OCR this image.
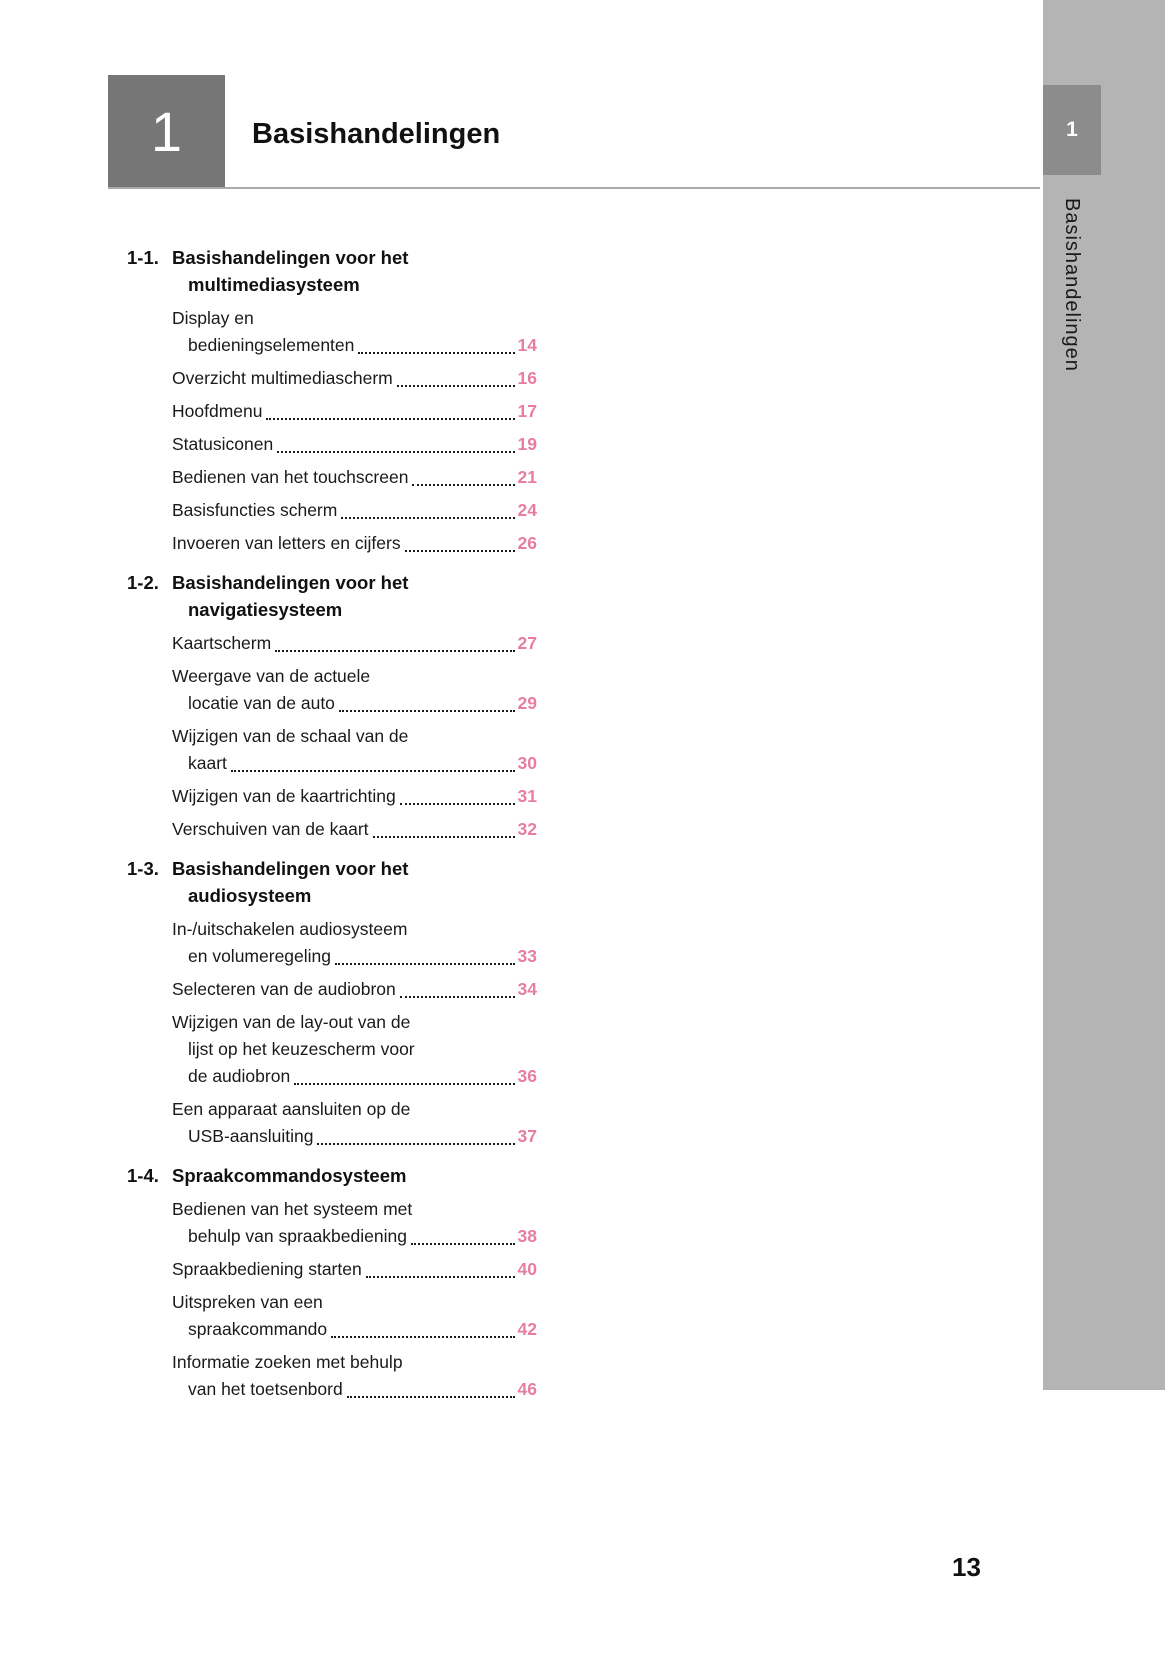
1 Basishandelingen	1
Basishandelingen
1-1. Basishandelingen voor het
multimediasysteem
Display en
bedieningselementen	14
Overzicht multimediascherm	16
Hoofdmenu	17
Statusiconen	19
Bedienen van het touchscreen	21
Basisfuncties scherm	24
Invoeren van letters en cijfers	26
1-2. Basishandelingen voor het
navigatiesysteem
Kaartscherm	27
Weergave van de actuele
locatie van de auto	29
Wijzigen van de schaal van de
kaart	30
Wijzigen van de kaartrichting	31
Verschuiven van de kaart	32
1-3. Basishandelingen voor het
audiosysteem
In-/uitschakelen audiosysteem
en volumeregeling	33
Selecteren van de audiobron	34
Wijzigen van de lay-out van de
lijst op het keuzescherm voor
de audiobron	36
Een apparaat aansluiten op de
USB-aansluiting	37
1-4. Spraakcommandosysteem
Bedienen van het systeem met
behulp van spraakbediening	38
Spraakbediening starten	40
Uitspreken van een
spraakcommando	42
Informatie zoeken met behulp
van het toetsenbord	46
13
